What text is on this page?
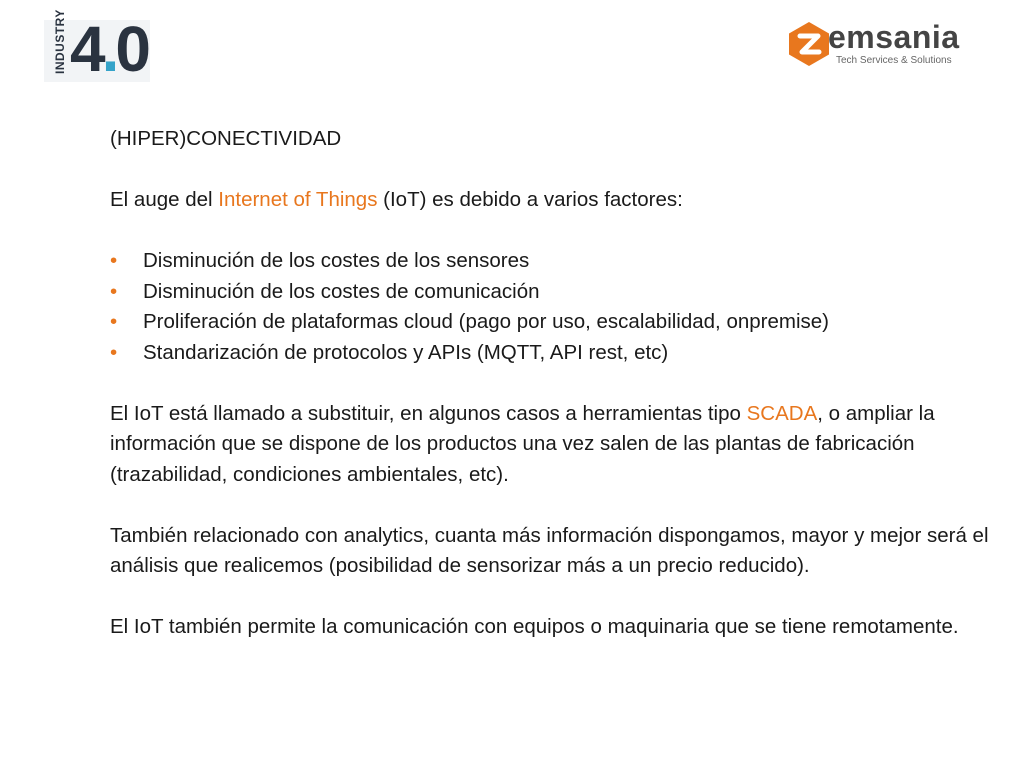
INDUSTRY 4.0	emsania
Tech Services & Solutions

(HIPER)CONECTIVIDAD

El auge del Internet of Things (IoT) es debido a varios factores:

• Disminución de los costes de los sensores
• Disminución de los costes de comunicación
• Proliferación de plataformas cloud (pago por uso, escalabilidad, onpremise)
• Standarización de protocolos y APIs (MQTT, API rest, etc)

El IoT está llamado a substituir, en algunos casos a herramientas tipo SCADA, o ampliar la información que se dispone de los productos una vez salen de las plantas de fabricación (trazabilidad, condiciones ambientales, etc).

También relacionado con analytics, cuanta más información dispongamos, mayor y mejor será el análisis que realicemos (posibilidad de sensorizar más a un precio reducido).

El IoT también permite la comunicación con equipos o maquinaria que se tiene remotamente.
